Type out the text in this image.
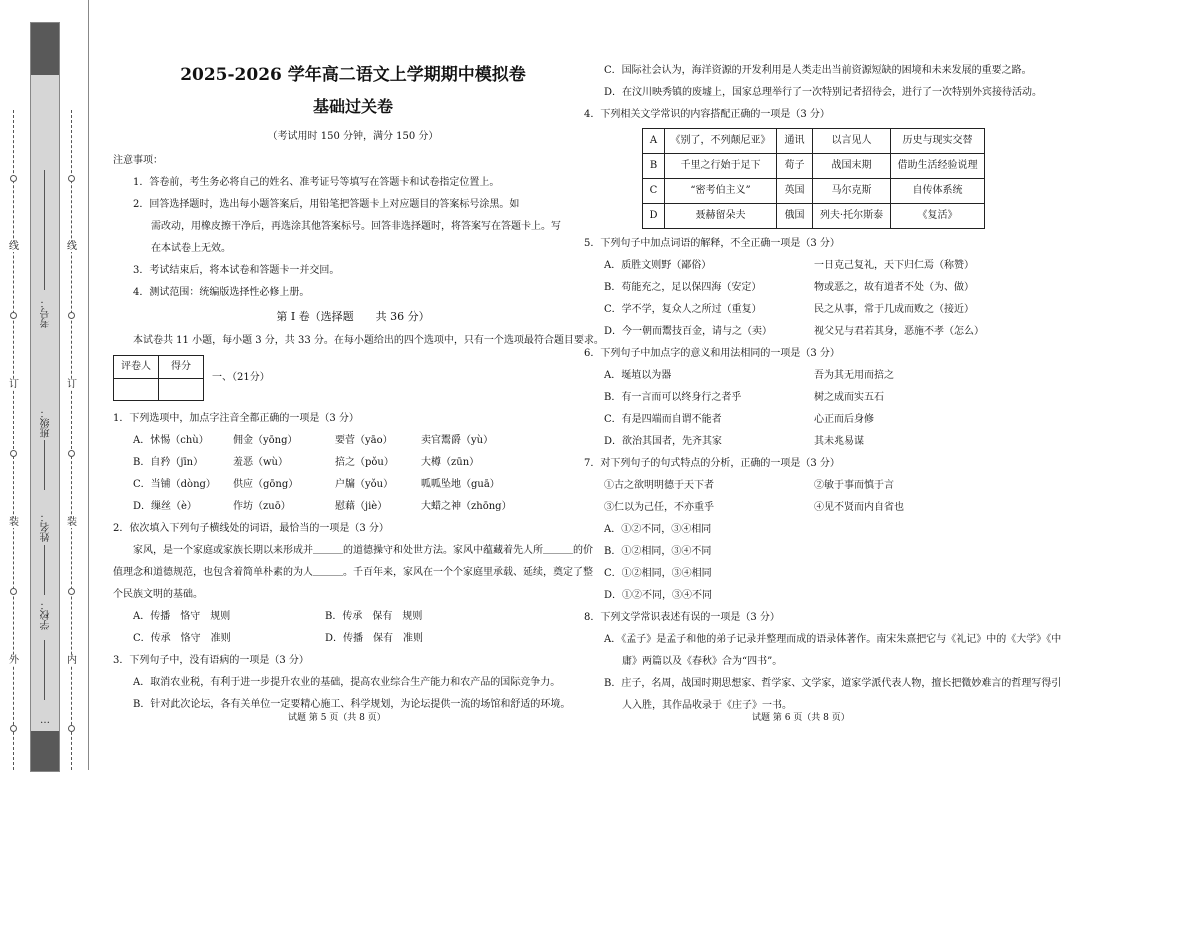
线
订
装
外
线
订
装
内
考号：
班级：
姓名：
学校：
…
2025-2026 学年高二语文上学期期中模拟卷
基础过关卷
（考试用时 150 分钟，满分 150 分）
注意事项：
1．答卷前，考生务必将自己的姓名、准考证号等填写在答题卡和试卷指定位置上。
2．回答选择题时，选出每小题答案后，用铅笔把答题卡上对应题目的答案标号涂黑。如
需改动，用橡皮擦干净后，再选涂其他答案标号。回答非选择题时，将答案写在答题卡上。写
在本试卷上无效。
3．考试结束后，将本试卷和答题卡一并交回。
4．测试范围：统编版选择性必修上册。
第 Ⅰ 卷（选择题　　共 36 分）
本试卷共 11 小题，每小题 3 分，共 33 分。在每小题给出的四个选项中，只有一个选项最符合题目要求。
评卷人	得分

一、（21分）
1．下列选项中，加点字注音全都正确的一项是（3 分）
A．怵惕（chù）	佣金（yōng）	要菅（yāo）	卖官鬻爵（yù）
B．自矜（jīn）	羞恶（wù）	掊之（pǒu）	大樽（zūn）
C．当铺（dòng）	供应（gōng）	户牖（yǒu）	呱呱坠地（guā）
D．缫丝（è）	作坊（zuō）	慰藉（jiè）	大蜡之神（zhōng）
2．依次填入下列句子横线处的词语，最恰当的一项是（3 分）
家风，是一个家庭或家族长期以来形成并＿＿＿的道德操守和处世方法。家风中蕴藏着先人所＿＿＿的价
值理念和道德规范，也包含着简单朴素的为人＿＿＿。千百年来，家风在一个个家庭里承载、延续，奠定了整
个民族文明的基础。
A．传播　恪守　规则	B．传承　保有　规则
C．传承　恪守　准则	D．传播　保有　准则
3．下列句子中，没有语病的一项是（3 分）
A．取消农业税，有利于进一步提升农业的基础，提高农业综合生产能力和农产品的国际竞争力。
B．针对此次论坛，各有关单位一定要精心施工、科学规划，为论坛提供一流的场馆和舒适的环境。
试题 第 5 页（共 8 页）
C．国际社会认为，海洋资源的开发利用是人类走出当前资源短缺的困境和未来发展的重要之路。
D．在汶川映秀镇的废墟上，国家总理举行了一次特别记者招待会，进行了一次特别外宾接待活动。
4．下列相关文学常识的内容搭配正确的一项是（3 分）
A	《别了，不列颠尼亚》	通讯	以言见人	历史与现实交替
B	千里之行始于足下	荀子	战国末期	借助生活经验说理
C	“密考伯主义”	英国	马尔克斯	自传体系统
D	聂赫留朵夫	俄国	列夫·托尔斯泰	《复活》
5．下列句子中加点词语的解释，不全正确一项是（3 分）
A．质胜文则野（鄙俗）	一日克己复礼，天下归仁焉（称赞）
B．苟能充之，足以保四海（安定）	物或恶之，故有道者不处（为、做）
C．学不学，复众人之所过（重复）	民之从事，常于几成而败之（接近）
D．今一朝而鬻技百金，请与之（卖）	视父兄与君若其身，恶施不孝（怎么）
6．下列句子中加点字的意义和用法相同的一项是（3 分）
A．埏埴以为器	吾为其无用而掊之
B．有一言而可以终身行之者乎	树之成而实五石
C．有是四端而自谓不能者	心正而后身修
D．欲治其国者，先齐其家	其未兆易谋
7．对下列句子的句式特点的分析，正确的一项是（3 分）
①古之欲明明德于天下者	②敏于事而慎于言
③仁以为己任，不亦重乎	④见不贤而内自省也
A．①②不同，③④相同
B．①②相同，③④不同
C．①②相同，③④相同
D．①②不同，③④不同
8．下列文学常识表述有误的一项是（3 分）
A．《孟子》是孟子和他的弟子记录并整理而成的语录体著作。南宋朱熹把它与《礼记》中的《大学》《中
庸》两篇以及《春秋》合为“四书”。
B．庄子，名周，战国时期思想家、哲学家、文学家，道家学派代表人物，擅长把微妙难言的哲理写得引
人入胜，其作品收录于《庄子》一书。
试题 第 6 页（共 8 页）
